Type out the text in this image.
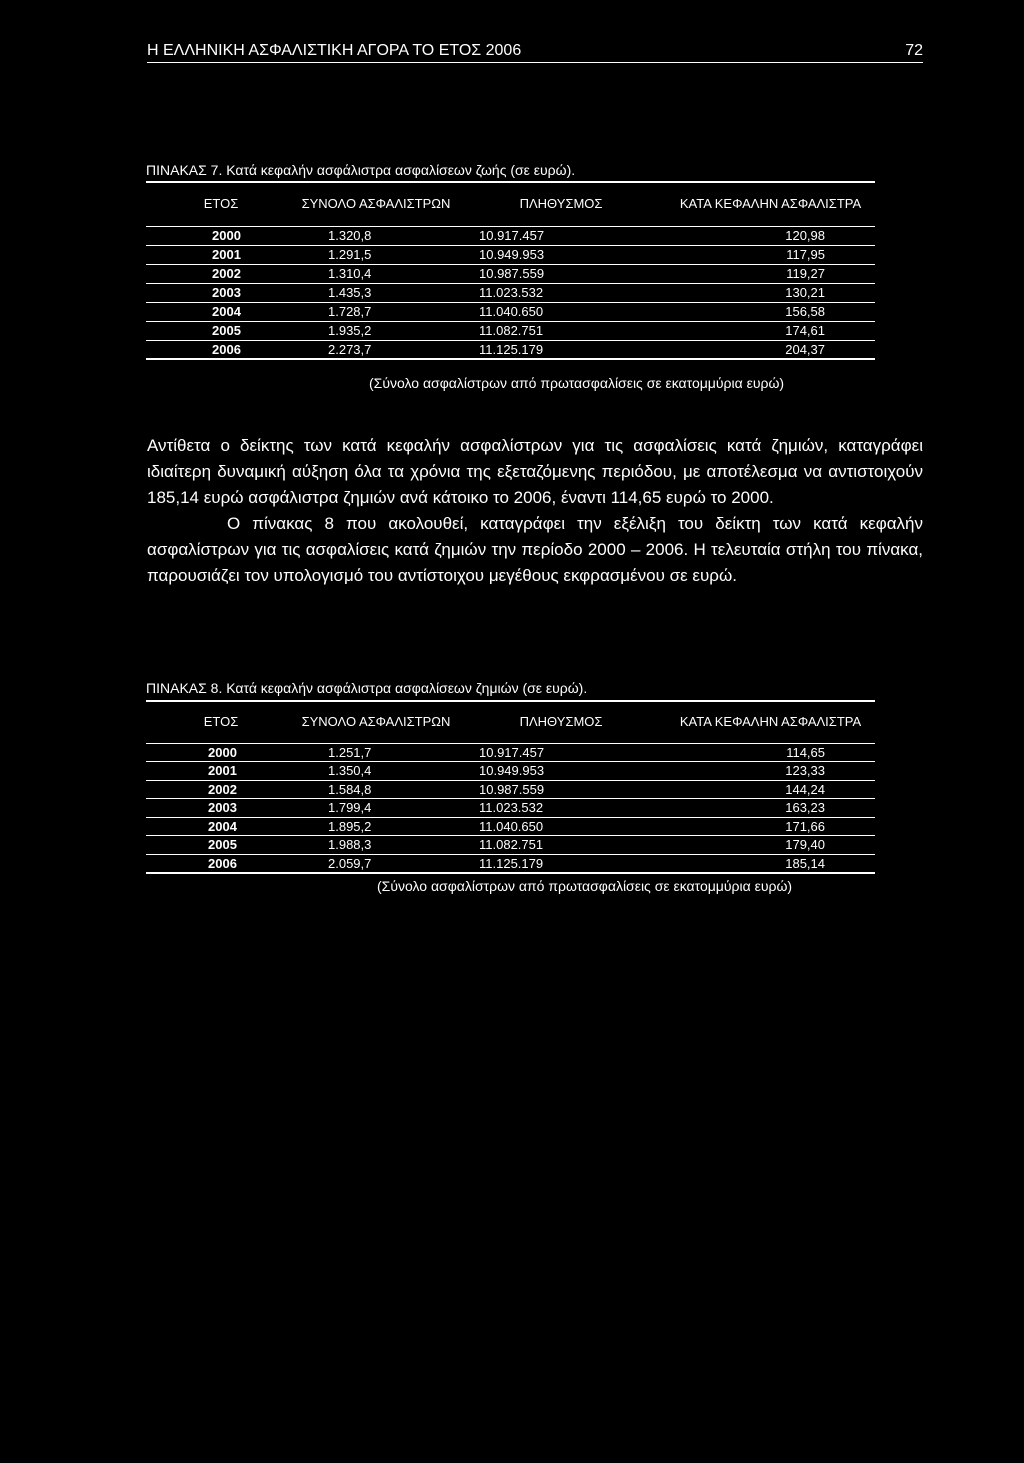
Η ΕΛΛΗΝΙΚΗ ΑΣΦΑΛΙΣΤΙΚΗ ΑΓΟΡΑ ΤΟ ΕΤΟΣ 2006	72
ΠΙΝΑΚΑΣ 7. Κατά κεφαλήν ασφάλιστρα ασφαλίσεων ζωής (σε ευρώ).
ΕΤΟΣ	ΣΥΝΟΛΟ ΑΣΦΑΛΙΣΤΡΩΝ	ΠΛΗΘΥΣΜΟΣ	ΚΑΤΑ ΚΕΦΑΛΗΝ ΑΣΦΑΛΙΣΤΡΑ
2000	1.320,8	10.917.457	120,98
2001	1.291,5	10.949.953	117,95
2002	1.310,4	10.987.559	119,27
2003	1.435,3	11.023.532	130,21
2004	1.728,7	11.040.650	156,58
2005	1.935,2	11.082.751	174,61
2006	2.273,7	11.125.179	204,37
(Σύνολο ασφαλίστρων από πρωτασφαλίσεις σε εκατομμύρια ευρώ)

Αντίθετα ο δείκτης των κατά κεφαλήν ασφαλίστρων για τις ασφαλίσεις κατά ζημιών, καταγράφει ιδιαίτερη δυναμική αύξηση όλα τα χρόνια της εξεταζόμενης περιόδου, με αποτέλεσμα να αντιστοιχούν 185,14 ευρώ ασφάλιστρα ζημιών ανά κάτοικο το 2006, έναντι 114,65 ευρώ το 2000.

Ο πίνακας 8 που ακολουθεί, καταγράφει την εξέλιξη του δείκτη των κατά κεφαλήν ασφαλίστρων για τις ασφαλίσεις κατά ζημιών την περίοδο 2000 – 2006. Η τελευταία στήλη του πίνακα, παρουσιάζει τον υπολογισμό του αντίστοιχου μεγέθους εκφρασμένου σε ευρώ.

ΠΙΝΑΚΑΣ 8. Κατά κεφαλήν ασφάλιστρα ασφαλίσεων ζημιών (σε ευρώ).
ΕΤΟΣ	ΣΥΝΟΛΟ ΑΣΦΑΛΙΣΤΡΩΝ	ΠΛΗΘΥΣΜΟΣ	ΚΑΤΑ ΚΕΦΑΛΗΝ ΑΣΦΑΛΙΣΤΡΑ
2000	1.251,7	10.917.457	114,65
2001	1.350,4	10.949.953	123,33
2002	1.584,8	10.987.559	144,24
2003	1.799,4	11.023.532	163,23
2004	1.895,2	11.040.650	171,66
2005	1.988,3	11.082.751	179,40
2006	2.059,7	11.125.179	185,14
(Σύνολο ασφαλίστρων από πρωτασφαλίσεις σε εκατομμύρια ευρώ)
